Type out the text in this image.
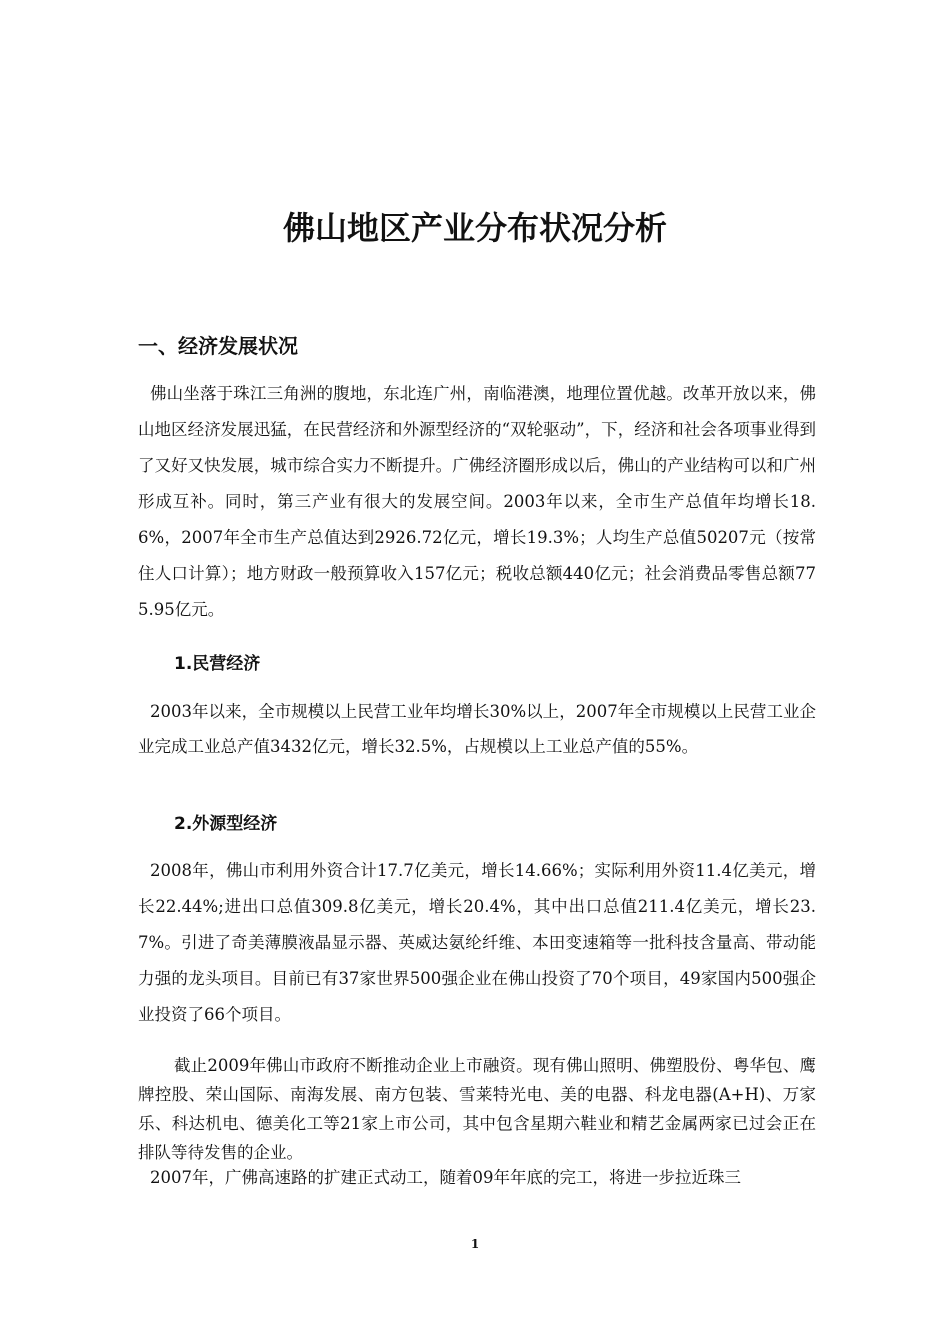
佛山地区产业分布状况分析
一、经济发展状况

佛山坐落于珠江三角洲的腹地，东北连广州，南临港澳，地理位置优越。改革开放以来，佛山地区经济发展迅猛，在民营经济和外源型经济的“双轮驱动”，下，经济和社会各项事业得到了又好又快发展，城市综合实力不断提升。广佛经济圈形成以后，佛山的产业结构可以和广州形成互补。同时，第三产业有很大的发展空间。2003年以来，全市生产总值年均增长18.6%，2007年全市生产总值达到2926.72亿元，增长19.3%；人均生产总值50207元（按常住人口计算）；地方财政一般预算收入157亿元；税收总额440亿元；社会消费品零售总额775.95亿元。

1.民营经济

2003年以来，全市规模以上民营工业年均增长30%以上，2007年全市规模以上民营工业企业完成工业总产值3432亿元，增长32.5%，占规模以上工业总产值的55%。

2.外源型经济

2008年，佛山市利用外资合计17.7亿美元，增长14.66%；实际利用外资11.4亿美元，增长22.44%;进出口总值309.8亿美元，增长20.4%，其中出口总值211.4亿美元，增长23.7%。引进了奇美薄膜液晶显示器、英威达氨纶纤维、本田变速箱等一批科技含量高、带动能力强的龙头项目。目前已有37家世界500强企业在佛山投资了70个项目，49家国内500强企业投资了66个项目。

截止2009年佛山市政府不断推动企业上市融资。现有佛山照明、佛塑股份、粤华包、鹰牌控股、荣山国际、南海发展、南方包装、雪莱特光电、美的电器、科龙电器(A+H)、万家乐、科达机电、德美化工等21家上市公司，其中包含星期六鞋业和精艺金属两家已过会正在排队等待发售的企业。

2007年，广佛高速路的扩建正式动工，随着09年年底的完工，将进一步拉近珠三

1
